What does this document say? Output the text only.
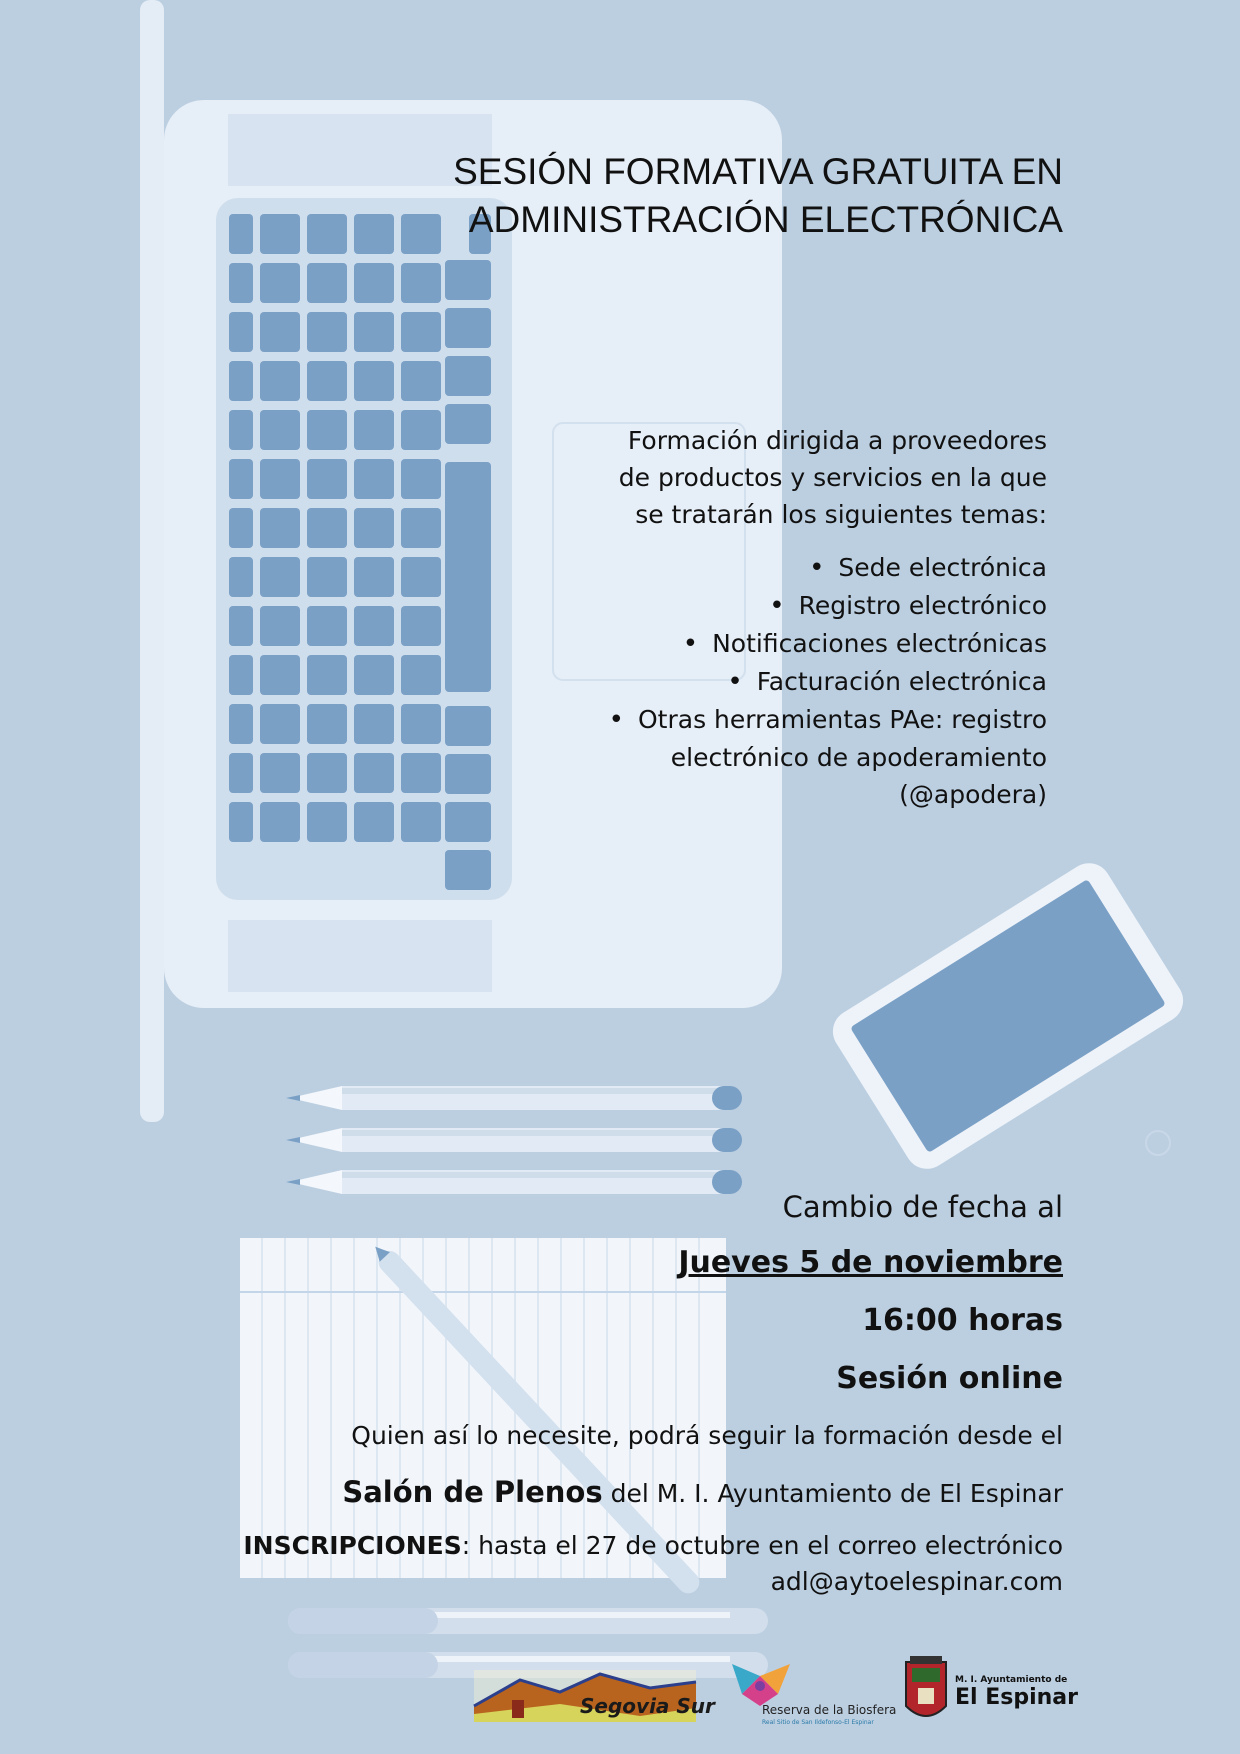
SESIÓN FORMATIVA GRATUITA EN
ADMINISTRACIÓN ELECTRÓNICA

Formación dirigida a proveedores de productos y servicios en la que se tratarán los siguientes temas:

• Sede electrónica
• Registro electrónico
• Notificaciones electrónicas
• Facturación electrónica
• Otras herramientas PAe: registro electrónico de apoderamiento (@apodera)
Cambio de fecha al
Jueves 5 de noviembre
16:00 horas
Sesión online
Quien así lo necesite, podrá seguir la formación desde el
Salón de Plenos del M. I. Ayuntamiento de El Espinar
INSCRIPCIONES: hasta el 27 de octubre en el correo electrónico
adl@aytoelespinar.com
Segovia Sur	Reserva de la Biosfera
Real Sitio de San Ildefonso-El Espinar
M. I. Ayuntamiento de
El Espinar
